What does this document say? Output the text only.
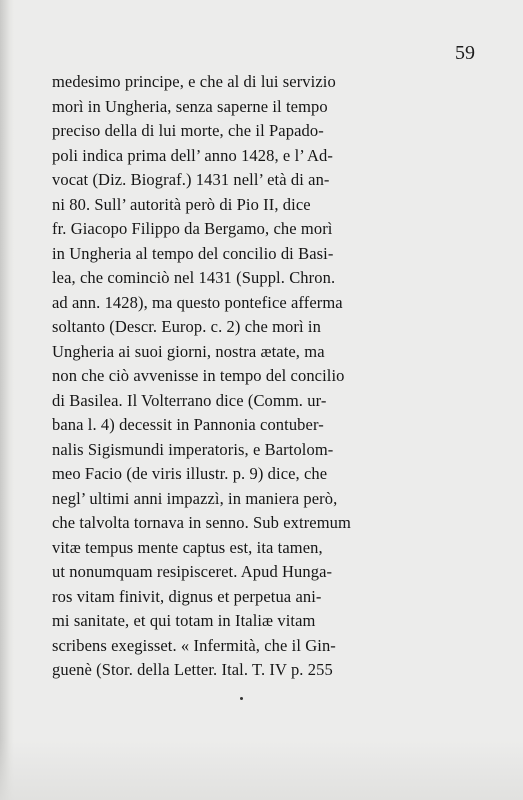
59

medesimo principe, e che al di lui servizio
morì in Ungheria, senza saperne il tempo
preciso della di lui morte, che il Papado-
poli indica prima dell’ anno 1428, e l’ Ad-
vocat (Diz. Biograf.) 1431 nell’ età di an-
ni 80. Sull’ autorità però di Pio II, dice
fr. Giacopo Filippo da Bergamo, che morì
in Ungheria al tempo del concilio di Basi-
lea, che cominciò nel 1431 (Suppl. Chron.
ad ann. 1428), ma questo pontefice afferma
soltanto (Descr. Europ. c. 2) che morì in
Ungheria ai suoi giorni, nostra ætate, ma
non che ciò avvenisse in tempo del concilio
di Basilea. Il Volterrano dice (Comm. ur-
bana l. 4) decessit in Pannonia contuber-
nalis Sigismundi imperatoris, e Bartolom-
meo Facio (de viris illustr. p. 9) dice, che
negl’ ultimi anni impazzì, in maniera però,
che talvolta tornava in senno. Sub extremum
vitæ tempus mente captus est, ita tamen,
ut nonumquam resipisceret. Apud Hunga-
ros vitam finivit, dignus et perpetua ani-
mi sanitate, et qui totam in Italiæ vitam
scribens exegisset. « Infermità, che il Gin-
guenè (Stor. della Letter. Ital. T. IV p. 255
